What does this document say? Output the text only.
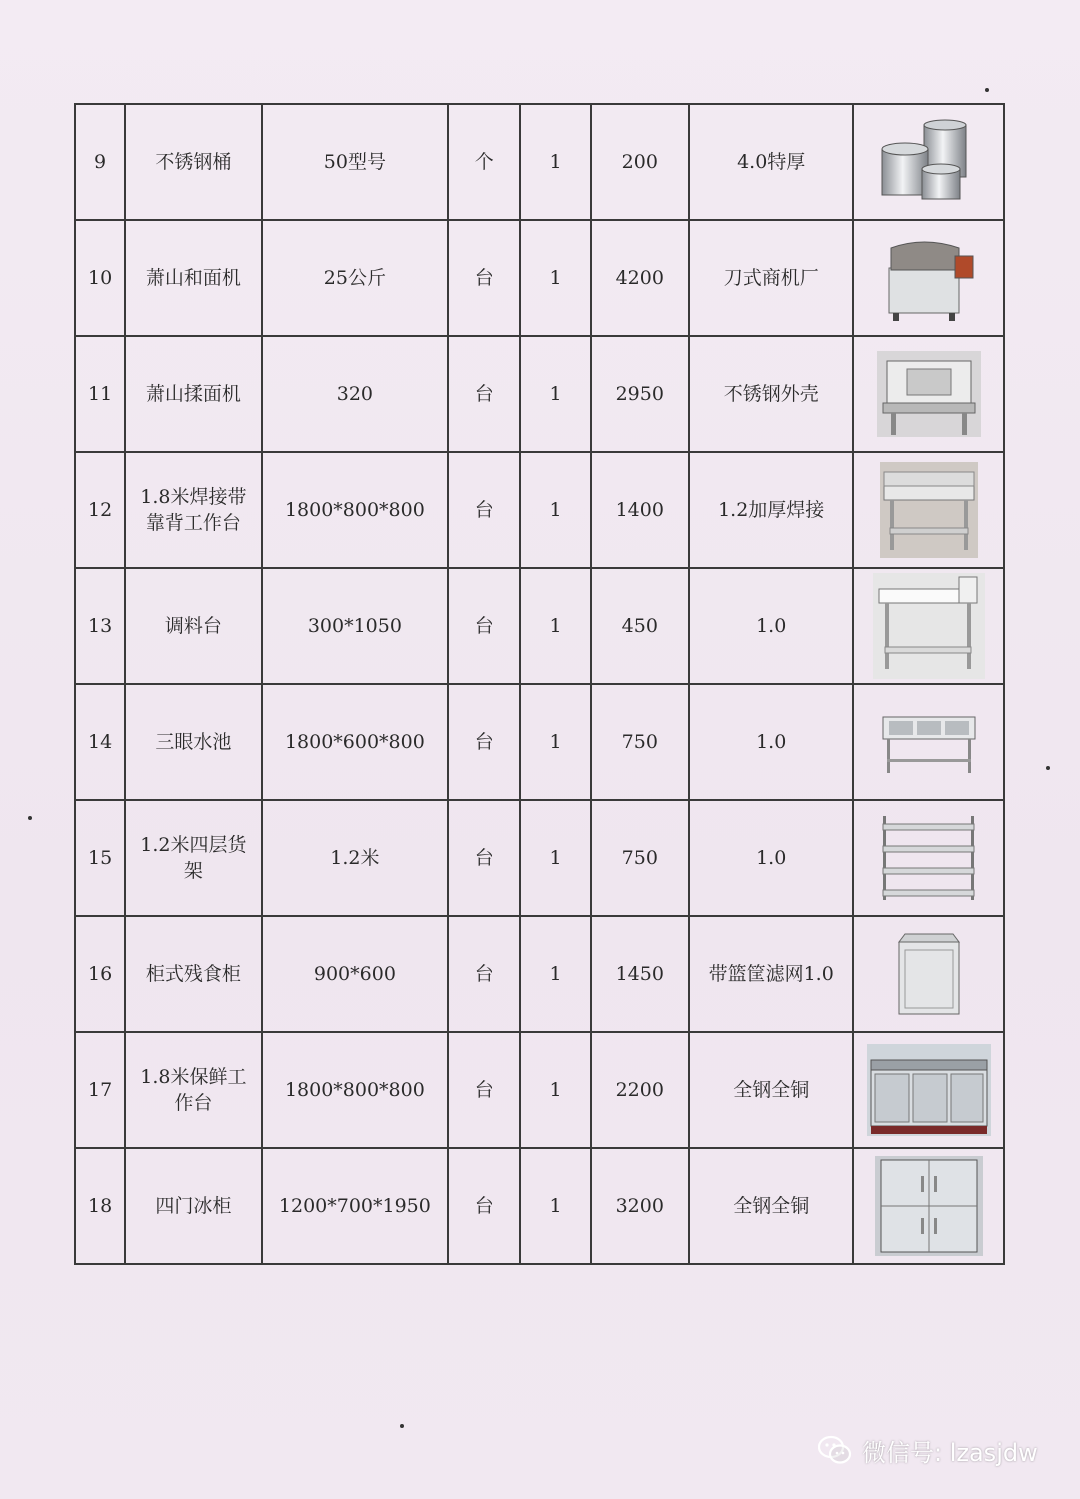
9	不锈钢桶	50型号	个	1	200	4.0特厚	

10	萧山和面机	25公斤	台	1	4200	刀式商机厂	

11	萧山揉面机	320	台	1	2950	不锈钢外壳	

12	1.8米焊接带靠背工作台	1800*800*800	台	1	1400	1.2加厚焊接	

13	调料台	300*1050	台	1	450	1.0	

14	三眼水池	1800*600*800	台	1	750	1.0	

15	1.2米四层货架	1.2米	台	1	750	1.0	

16	柜式残食柜	900*600	台	1	1450	带篮筐滤网1.0	

17	1.8米保鲜工作台	1800*800*800	台	1	2200	全钢全铜	

18	四门冰柜	1200*700*1950	台	1	3200	全钢全铜	
微信号: lzasjdw
